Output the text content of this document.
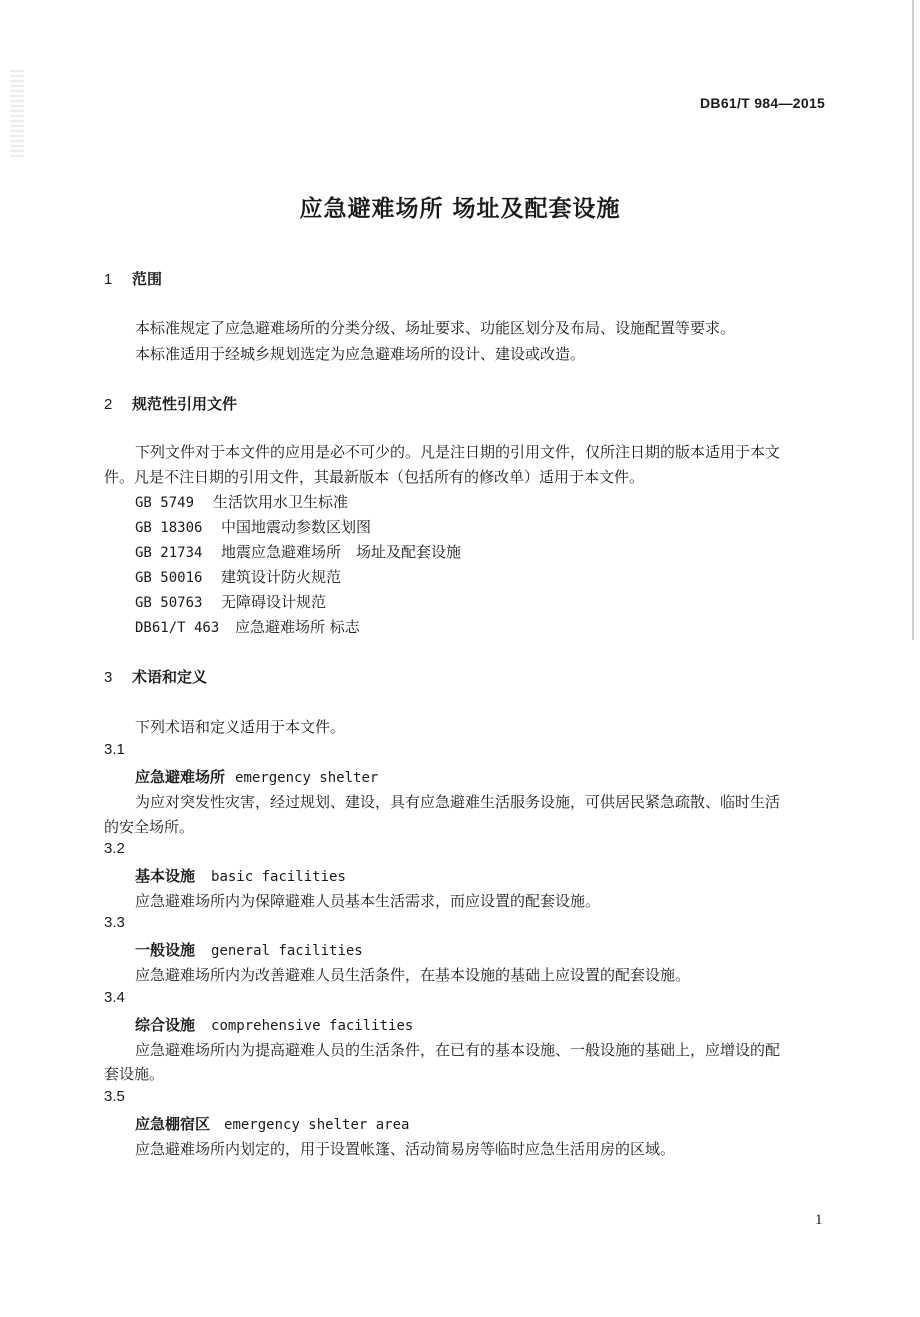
DB61/T 984—2015
应急避难场所 场址及配套设施
1 范围
本标准规定了应急避难场所的分类分级、场址要求、功能区划分及布局、设施配置等要求。
本标准适用于经城乡规划选定为应急避难场所的设计、建设或改造。
2 规范性引用文件
下列文件对于本文件的应用是必不可少的。凡是注日期的引用文件，仅所注日期的版本适用于本文
件。凡是不注日期的引用文件，其最新版本（包括所有的修改单）适用于本文件。
GB 5749 生活饮用水卫生标准
GB 18306 中国地震动参数区划图
GB 21734 地震应急避难场所　场址及配套设施
GB 50016 建筑设计防火规范
GB 50763 无障碍设计规范
DB61/T 463 应急避难场所 标志
3 术语和定义
下列术语和定义适用于本文件。
3.1
应急避难场所 emergency shelter
为应对突发性灾害，经过规划、建设，具有应急避难生活服务设施，可供居民紧急疏散、临时生活
的安全场所。
3.2
基本设施 basic facilities
应急避难场所内为保障避难人员基本生活需求，而应设置的配套设施。
3.3
一般设施 general facilities
应急避难场所内为改善避难人员生活条件，在基本设施的基础上应设置的配套设施。
3.4
综合设施 comprehensive facilities
应急避难场所内为提高避难人员的生活条件，在已有的基本设施、一般设施的基础上，应增设的配
套设施。
3.5
应急棚宿区 emergency shelter area
应急避难场所内划定的，用于设置帐篷、活动简易房等临时应急生活用房的区域。
1
